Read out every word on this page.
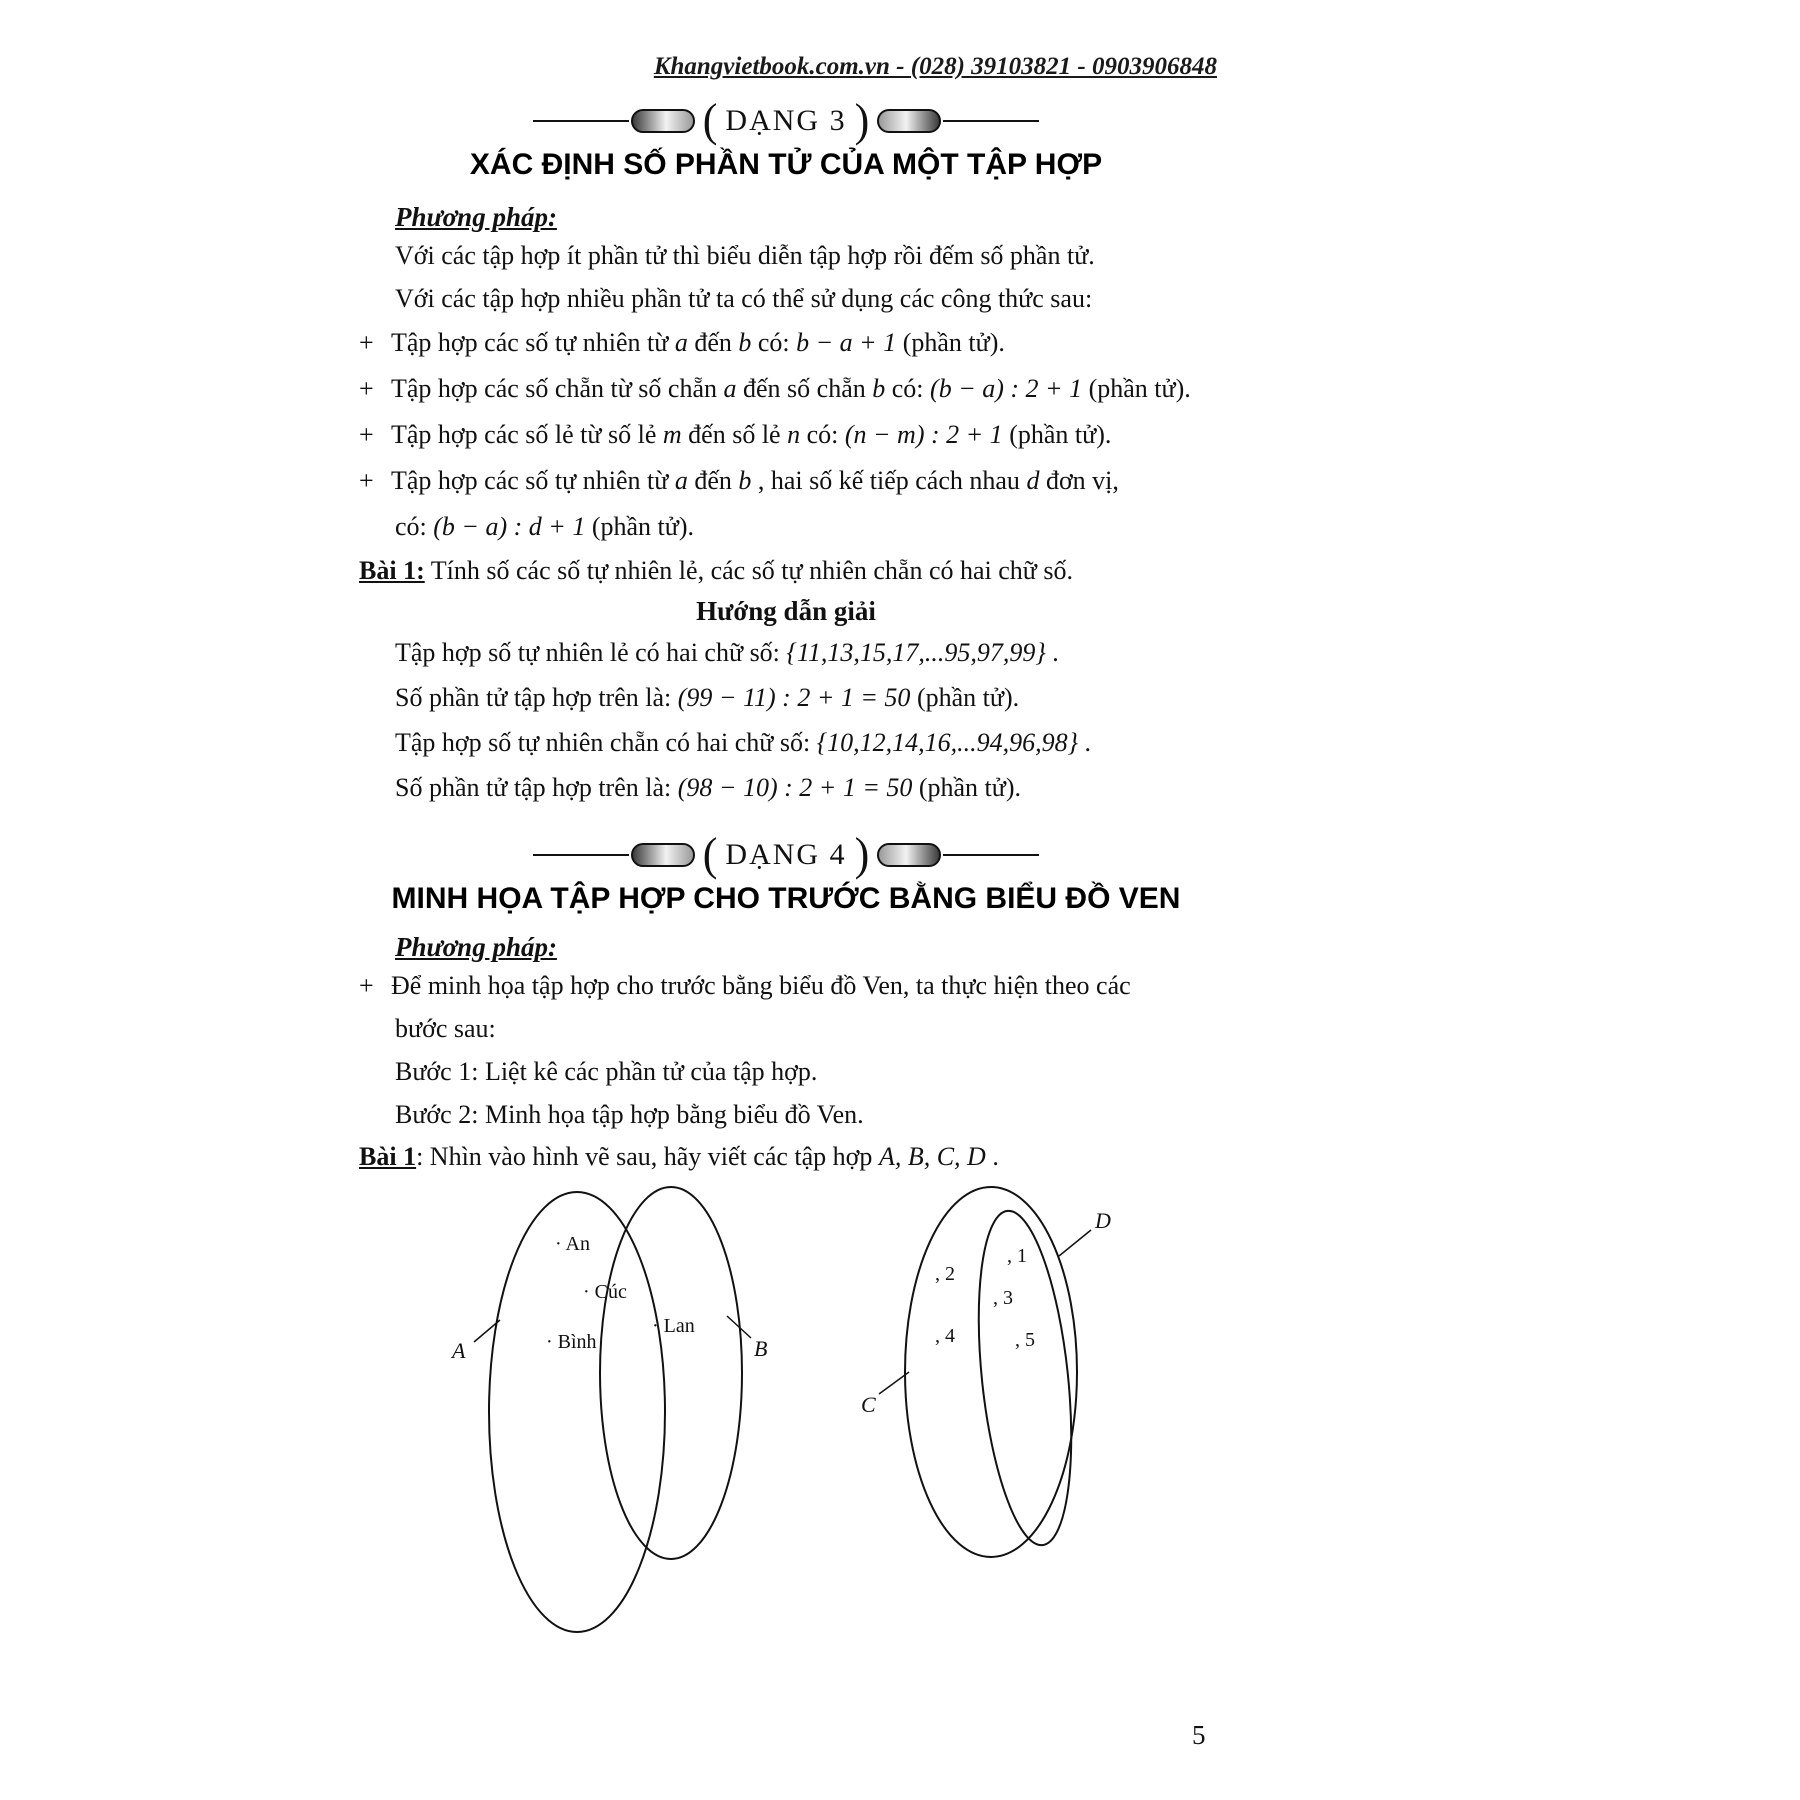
Khangvietbook.com.vn - (028) 39103821 - 0903906848
( DẠNG 3 )
XÁC ĐỊNH SỐ PHẦN TỬ CỦA MỘT TẬP HỢP
Phương pháp:
Với các tập hợp ít phần tử thì biểu diễn tập hợp rồi đếm số phần tử.
Với các tập hợp nhiều phần tử ta có thể sử dụng các công thức sau:
+ Tập hợp các số tự nhiên từ a đến b có: b − a + 1 (phần tử).
+ Tập hợp các số chẵn từ số chẵn a đến số chẵn b có: (b − a) : 2 + 1 (phần tử).
+ Tập hợp các số lẻ từ số lẻ m đến số lẻ n có: (n − m) : 2 + 1 (phần tử).
+ Tập hợp các số tự nhiên từ a đến b , hai số kế tiếp cách nhau d đơn vị,
có: (b − a) : d + 1 (phần tử).
Bài 1: Tính số các số tự nhiên lẻ, các số tự nhiên chẵn có hai chữ số.
Hướng dẫn giải
Tập hợp số tự nhiên lẻ có hai chữ số: {11,13,15,17,...95,97,99} .
Số phần tử tập hợp trên là: (99 − 11) : 2 + 1 = 50 (phần tử).
Tập hợp số tự nhiên chẵn có hai chữ số: {10,12,14,16,...94,96,98} .
Số phần tử tập hợp trên là: (98 − 10) : 2 + 1 = 50 (phần tử).
( DẠNG 4 )
MINH HỌA TẬP HỢP CHO TRƯỚC BẰNG BIỂU ĐỒ VEN
Phương pháp:
+ Để minh họa tập hợp cho trước bằng biểu đồ Ven, ta thực hiện theo các
bước sau:
Bước 1: Liệt kê các phần tử của tập hợp.
Bước 2: Minh họa tập hợp bằng biểu đồ Ven.
Bài 1: Nhìn vào hình vẽ sau, hãy viết các tập hợp A, B, C, D .
A	B
· An
· Cúc
· Bình
· Lan
D
C
, 2
, 1
, 3
, 4	, 5
5
